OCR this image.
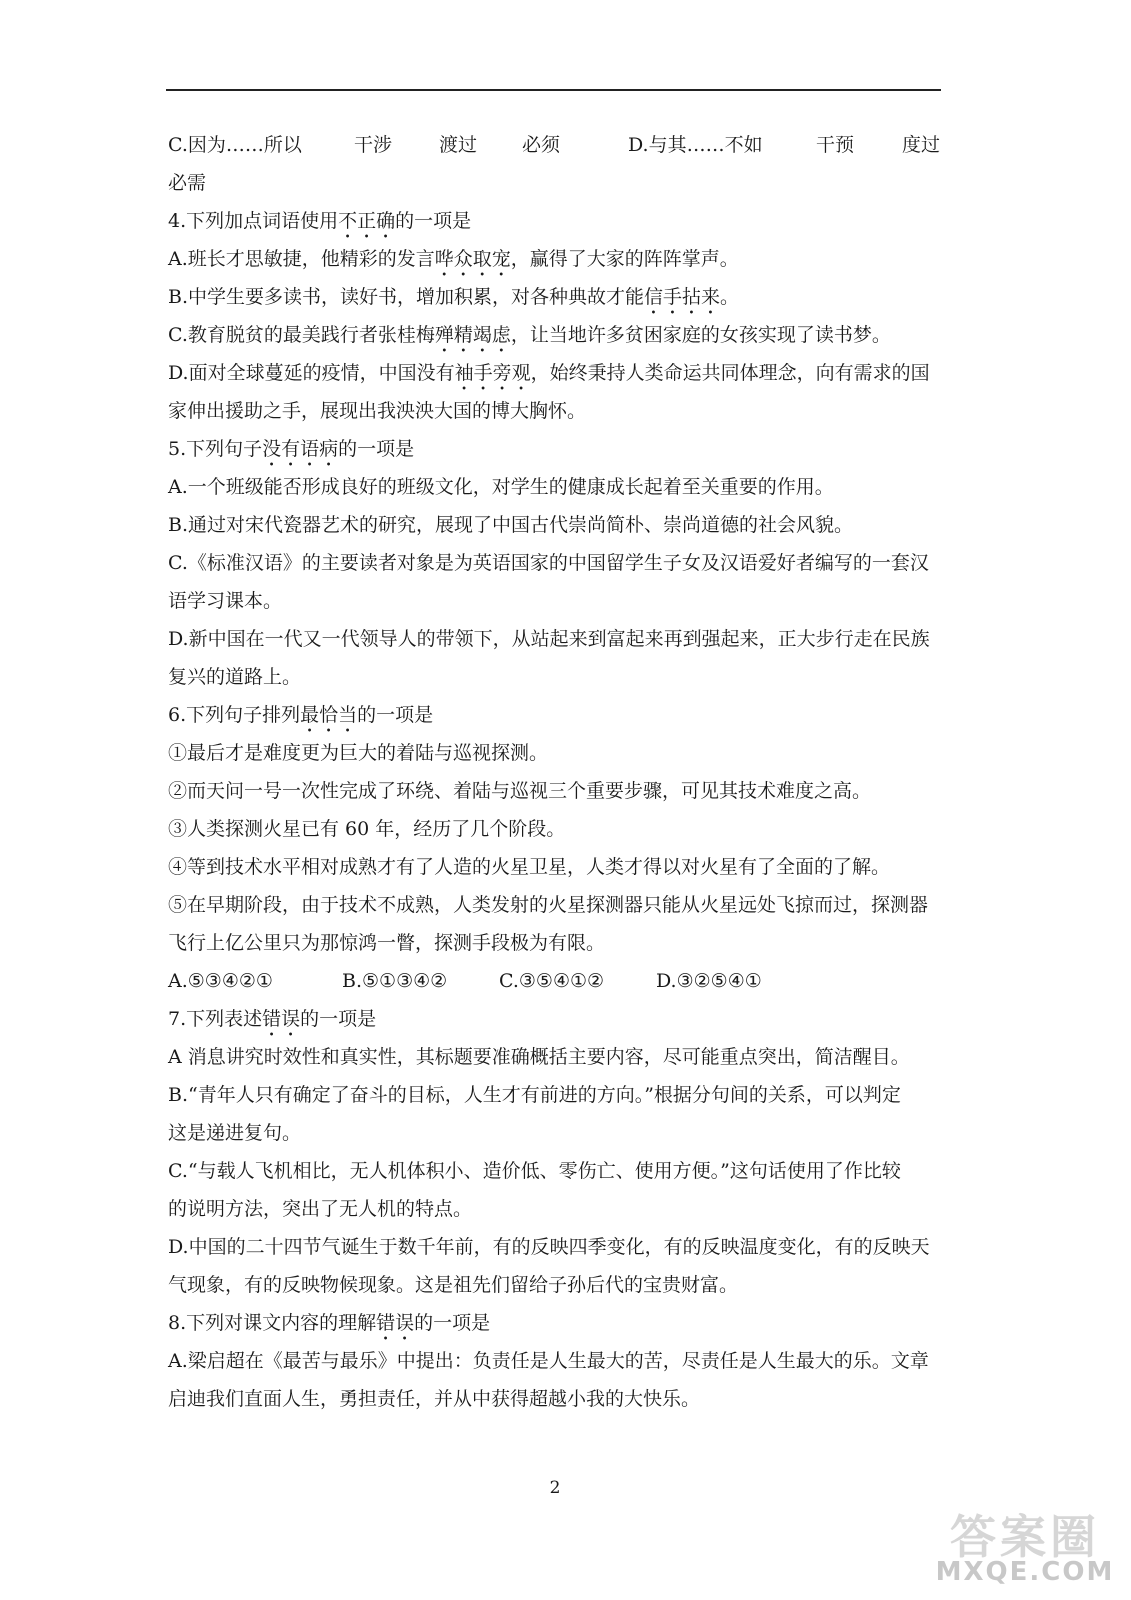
C.因为……所以	干涉	渡过	必须	D.与其……不如	干预	度过
必需
4.下列加点词语使用不正确的一项是
A.班长才思敏捷，他精彩的发言哗众取宠，赢得了大家的阵阵掌声。
B.中学生要多读书，读好书，增加积累，对各种典故才能信手拈来。
C.教育脱贫的最美践行者张桂梅殚精竭虑，让当地许多贫困家庭的女孩实现了读书梦。
D.面对全球蔓延的疫情，中国没有袖手旁观，始终秉持人类命运共同体理念，向有需求的国
家伸出援助之手，展现出我泱泱大国的博大胸怀。
5.下列句子没有语病的一项是
A.一个班级能否形成良好的班级文化，对学生的健康成长起着至关重要的作用。
B.通过对宋代瓷器艺术的研究，展现了中国古代崇尚简朴、崇尚道德的社会风貌。
C.《标准汉语》的主要读者对象是为英语国家的中国留学生子女及汉语爱好者编写的一套汉
语学习课本。
D.新中国在一代又一代领导人的带领下，从站起来到富起来再到强起来，正大步行走在民族
复兴的道路上。
6.下列句子排列最恰当的一项是
①最后才是难度更为巨大的着陆与巡视探测。
②而天问一号一次性完成了环绕、着陆与巡视三个重要步骤，可见其技术难度之高。
③人类探测火星已有 60 年，经历了几个阶段。
④等到技术水平相对成熟才有了人造的火星卫星，人类才得以对火星有了全面的了解。
⑤在早期阶段，由于技术不成熟，人类发射的火星探测器只能从火星远处飞掠而过，探测器
飞行上亿公里只为那惊鸿一瞥，探测手段极为有限。
A.⑤③④②①	B.⑤①③④②	C.③⑤④①②	D.③②⑤④①
7.下列表述错误的一项是
A 消息讲究时效性和真实性，其标题要准确概括主要内容，尽可能重点突出，简洁醒目。
B.“青年人只有确定了奋斗的目标，人生才有前进的方向。”根据分句间的关系，可以判定
这是递进复句。
C.“与载人飞机相比，无人机体积小、造价低、零伤亡、使用方便。”这句话使用了作比较
的说明方法，突出了无人机的特点。
D.中国的二十四节气诞生于数千年前，有的反映四季变化，有的反映温度变化，有的反映天
气现象，有的反映物候现象。这是祖先们留给子孙后代的宝贵财富。
8.下列对课文内容的理解错误的一项是
A.梁启超在《最苦与最乐》中提出：负责任是人生最大的苦，尽责任是人生最大的乐。文章
启迪我们直面人生，勇担责任，并从中获得超越小我的大快乐。
2
答案圈
MXQE.COM
